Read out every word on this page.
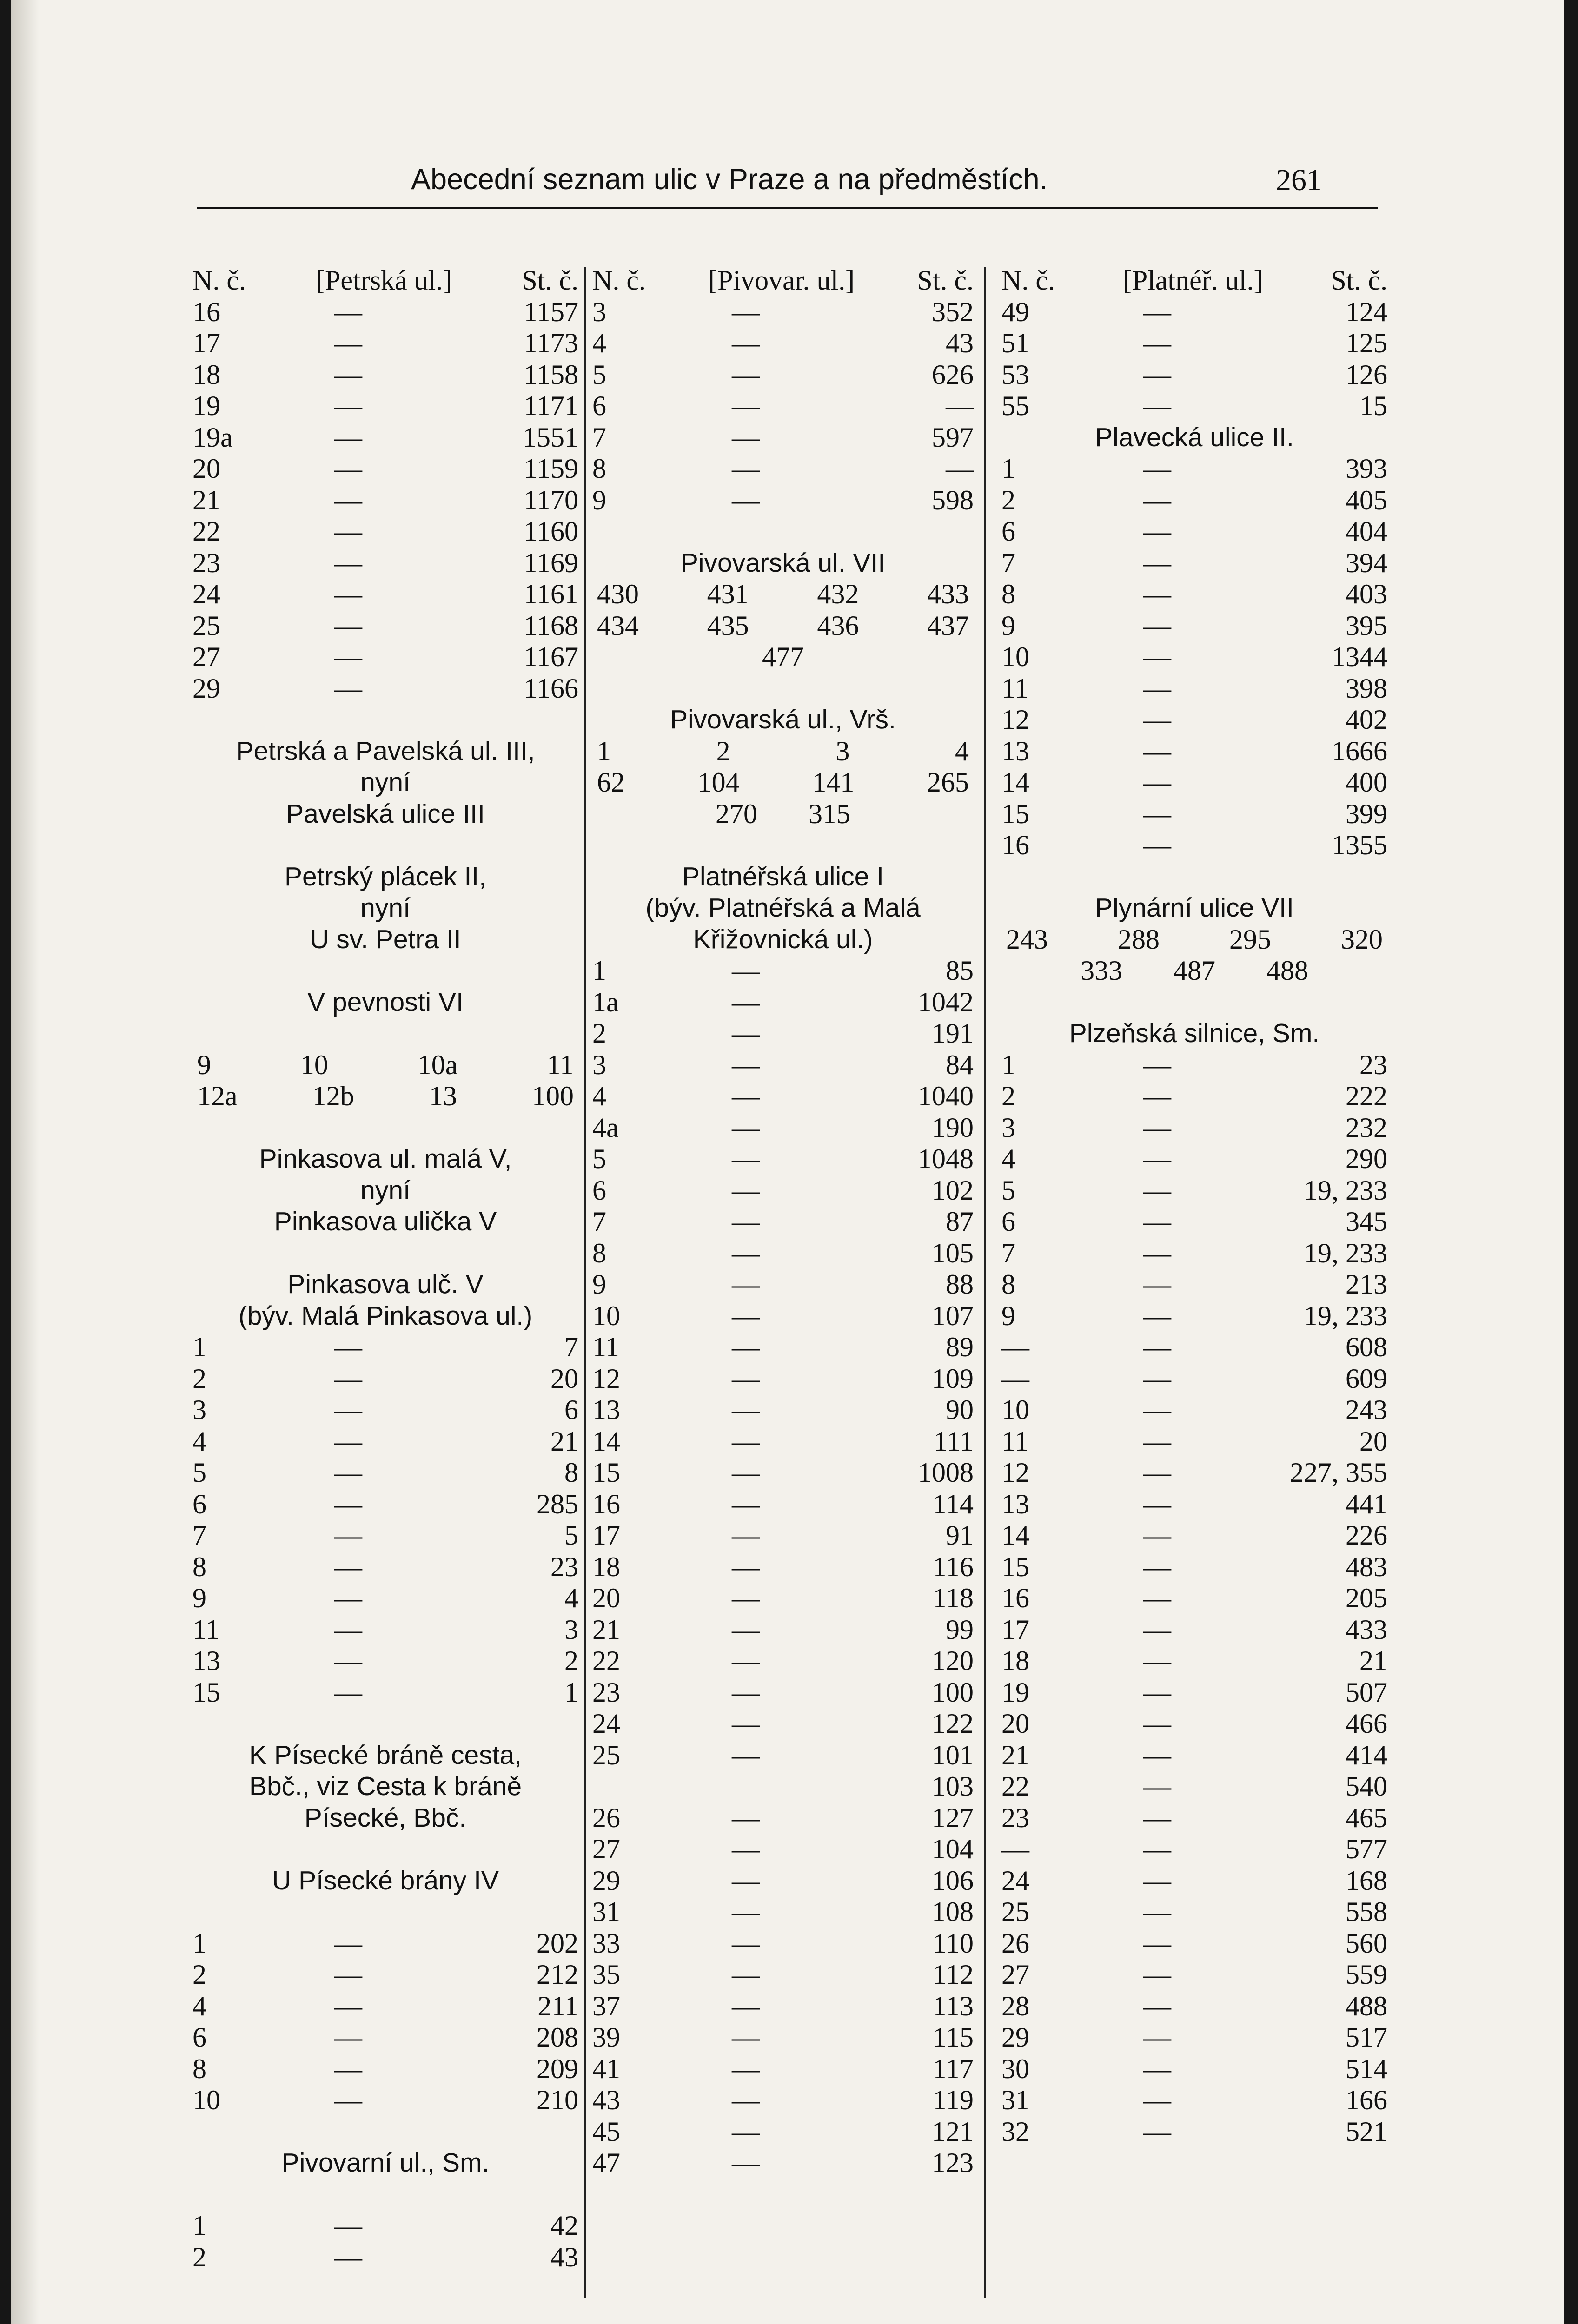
Abecední seznam ulic v Praze a na předměstích.	261
N. č.	[Petrská ul.]	St. č.
16	—	1157
17	—	1173
18	—	1158
19	—	1171
19a	—	1551
20	—	1159
21	—	1170
22	—	1160
23	—	1169
24	—	1161
25	—	1168
27	—	1167
29	—	1166
Petrská a Pavelská ul. III,
nyní
Pavelská ulice III
Petrský plácek II,
nyní
U sv. Petra II
V pevnosti VI
9	10	10a	11
12a	12b	13	100
Pinkasova ul. malá V,
nyní
Pinkasova ulička V
Pinkasova ulč. V
(býv. Malá Pinkasova ul.)
1	—	7
2	—	20
3	—	6
4	—	21
5	—	8
6	—	285
7	—	5
8	—	23
9	—	4
11	—	3
13	—	2
15	—	1
K Písecké bráně cesta,
Bbč., viz Cesta k bráně
Písecké, Bbč.
U Písecké brány IV
1	—	202
2	—	212
4	—	211
6	—	208
8	—	209
10	—	210
Pivovarní ul., Sm.
1	—	42
2	—	43
N. č.	[Pivovar. ul.]	St. č.
3	—	352
4	—	43
5	—	626
6	—	—
7	—	597
8	—	—
9	—	598
Pivovarská ul. VII
430 431 432 433
434 435 436 437
477
Pivovarská ul., Vrš.
1	2	3	4
62	104	141	265
270 315
Platnéřská ulice I
(býv. Platnéřská a Malá
Křižovnická ul.)
1	—	85
1a	—	1042
2	—	191
3	—	84
4	—	1040
4a	—	190
5	—	1048
6	—	102
7	—	87
8	—	105
9	—	88
10	—	107
11	—	89
12	—	109
13	—	90
14	—	111
15	—	1008
16	—	114
17	—	91
18	—	116
20	—	118
21	—	99
22	—	120
23	—	100
24	—	122
25	—	101
103
26	—	127
27	—	104
29	—	106
31	—	108
33	—	110
35	—	112
37	—	113
39	—	115
41	—	117
43	—	119
45	—	121
47	—	123
N. č.	[Platnéř. ul.]	St. č.
49	—	124
51	—	125
53	—	126
55	—	15
Plavecká ulice II.
1	—	393
2	—	405
6	—	404
7	—	394
8	—	403
9	—	395
10	—	1344
11	—	398
12	—	402
13	—	1666
14	—	400
15	—	399
16	—	1355
Plynární ulice VII
243	288	295	320
333 487 488
Plzeňská silnice, Sm.
1	—	23
2	—	222
3	—	232
4	—	290
5	—	19, 233
6	—	345
7	—	19, 233
8	—	213
9	—	19, 233
—	—	608
—	—	609
10	—	243
11	—	20
12	—	227, 355
13	—	441
14	—	226
15	—	483
16	—	205
17	—	433
18	—	21
19	—	507
20	—	466
21	—	414
22	—	540
23	—	465
—	—	577
24	—	168
25	—	558
26	—	560
27	—	559
28	—	488
29	—	517
30	—	514
31	—	166
32	—	521
